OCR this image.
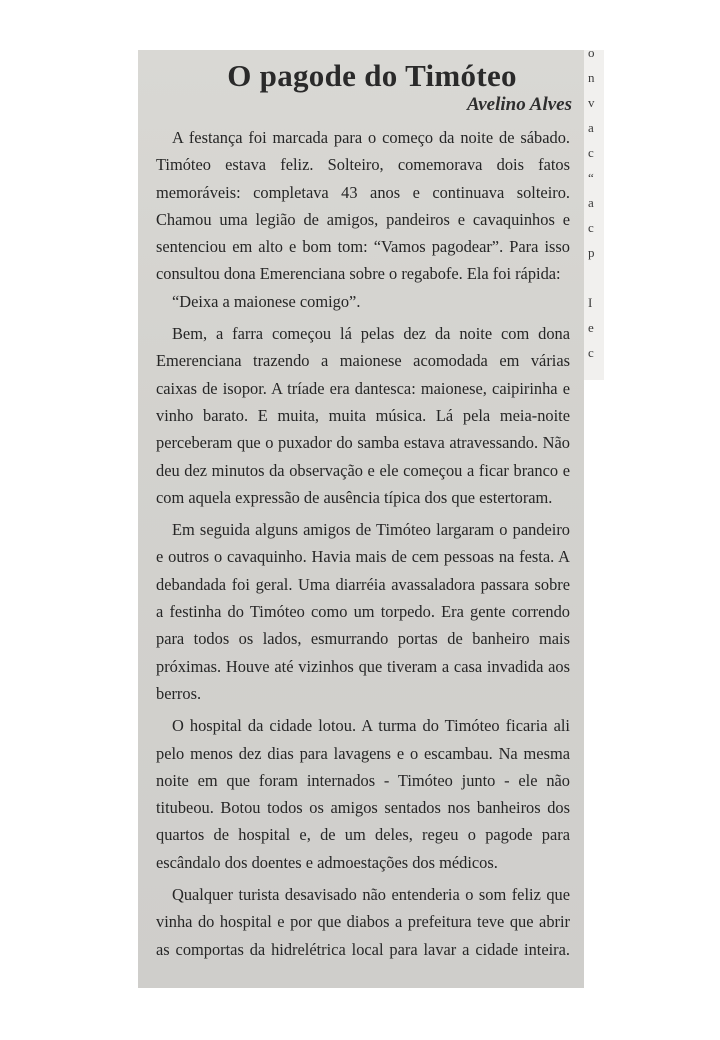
o
n
v
a
c
“
a
c
p

I
e
c
O pagode do Timóteo
Avelino Alves

A festança foi marcada para o começo da noite de sábado. Timóteo estava feliz. Solteiro, comemorava dois fatos memoráveis: completava 43 anos e continuava solteiro. Chamou uma legião de amigos, pandeiros e cavaquinhos e sentenciou em alto e bom tom: “Vamos pagodear”. Para isso consultou dona Emerenciana sobre o regabofe. Ela foi rápida:

“Deixa a maionese comigo”.

Bem, a farra começou lá pelas dez da noite com dona Emerenciana trazendo a maionese acomodada em várias caixas de isopor. A tríade era dantesca: maionese, caipirinha e vinho barato. E muita, muita música. Lá pela meia-noite perceberam que o puxador do samba estava atravessando. Não deu dez minutos da observação e ele começou a ficar branco e com aquela expressão de ausência típica dos que estertoram.

Em seguida alguns amigos de Timóteo largaram o pandeiro e outros o cavaquinho. Havia mais de cem pessoas na festa. A debandada foi geral. Uma diarréia avassaladora passara sobre a festinha do Timóteo como um torpedo. Era gente correndo para todos os lados, esmurrando portas de banheiro mais próximas. Houve até vizinhos que tiveram a casa invadida aos berros.

O hospital da cidade lotou. A turma do Timóteo ficaria ali pelo menos dez dias para lavagens e o escambau. Na mesma noite em que foram internados - Timóteo junto - ele não titubeou. Botou todos os amigos sentados nos banheiros dos quartos de hospital e, de um deles, regeu o pagode para escândalo dos doentes e admoestações dos médicos.

Qualquer turista desavisado não entenderia o som feliz que vinha do hospital e por que diabos a prefeitura teve que abrir as comportas da hidrelétrica local para lavar a cidade inteira.
